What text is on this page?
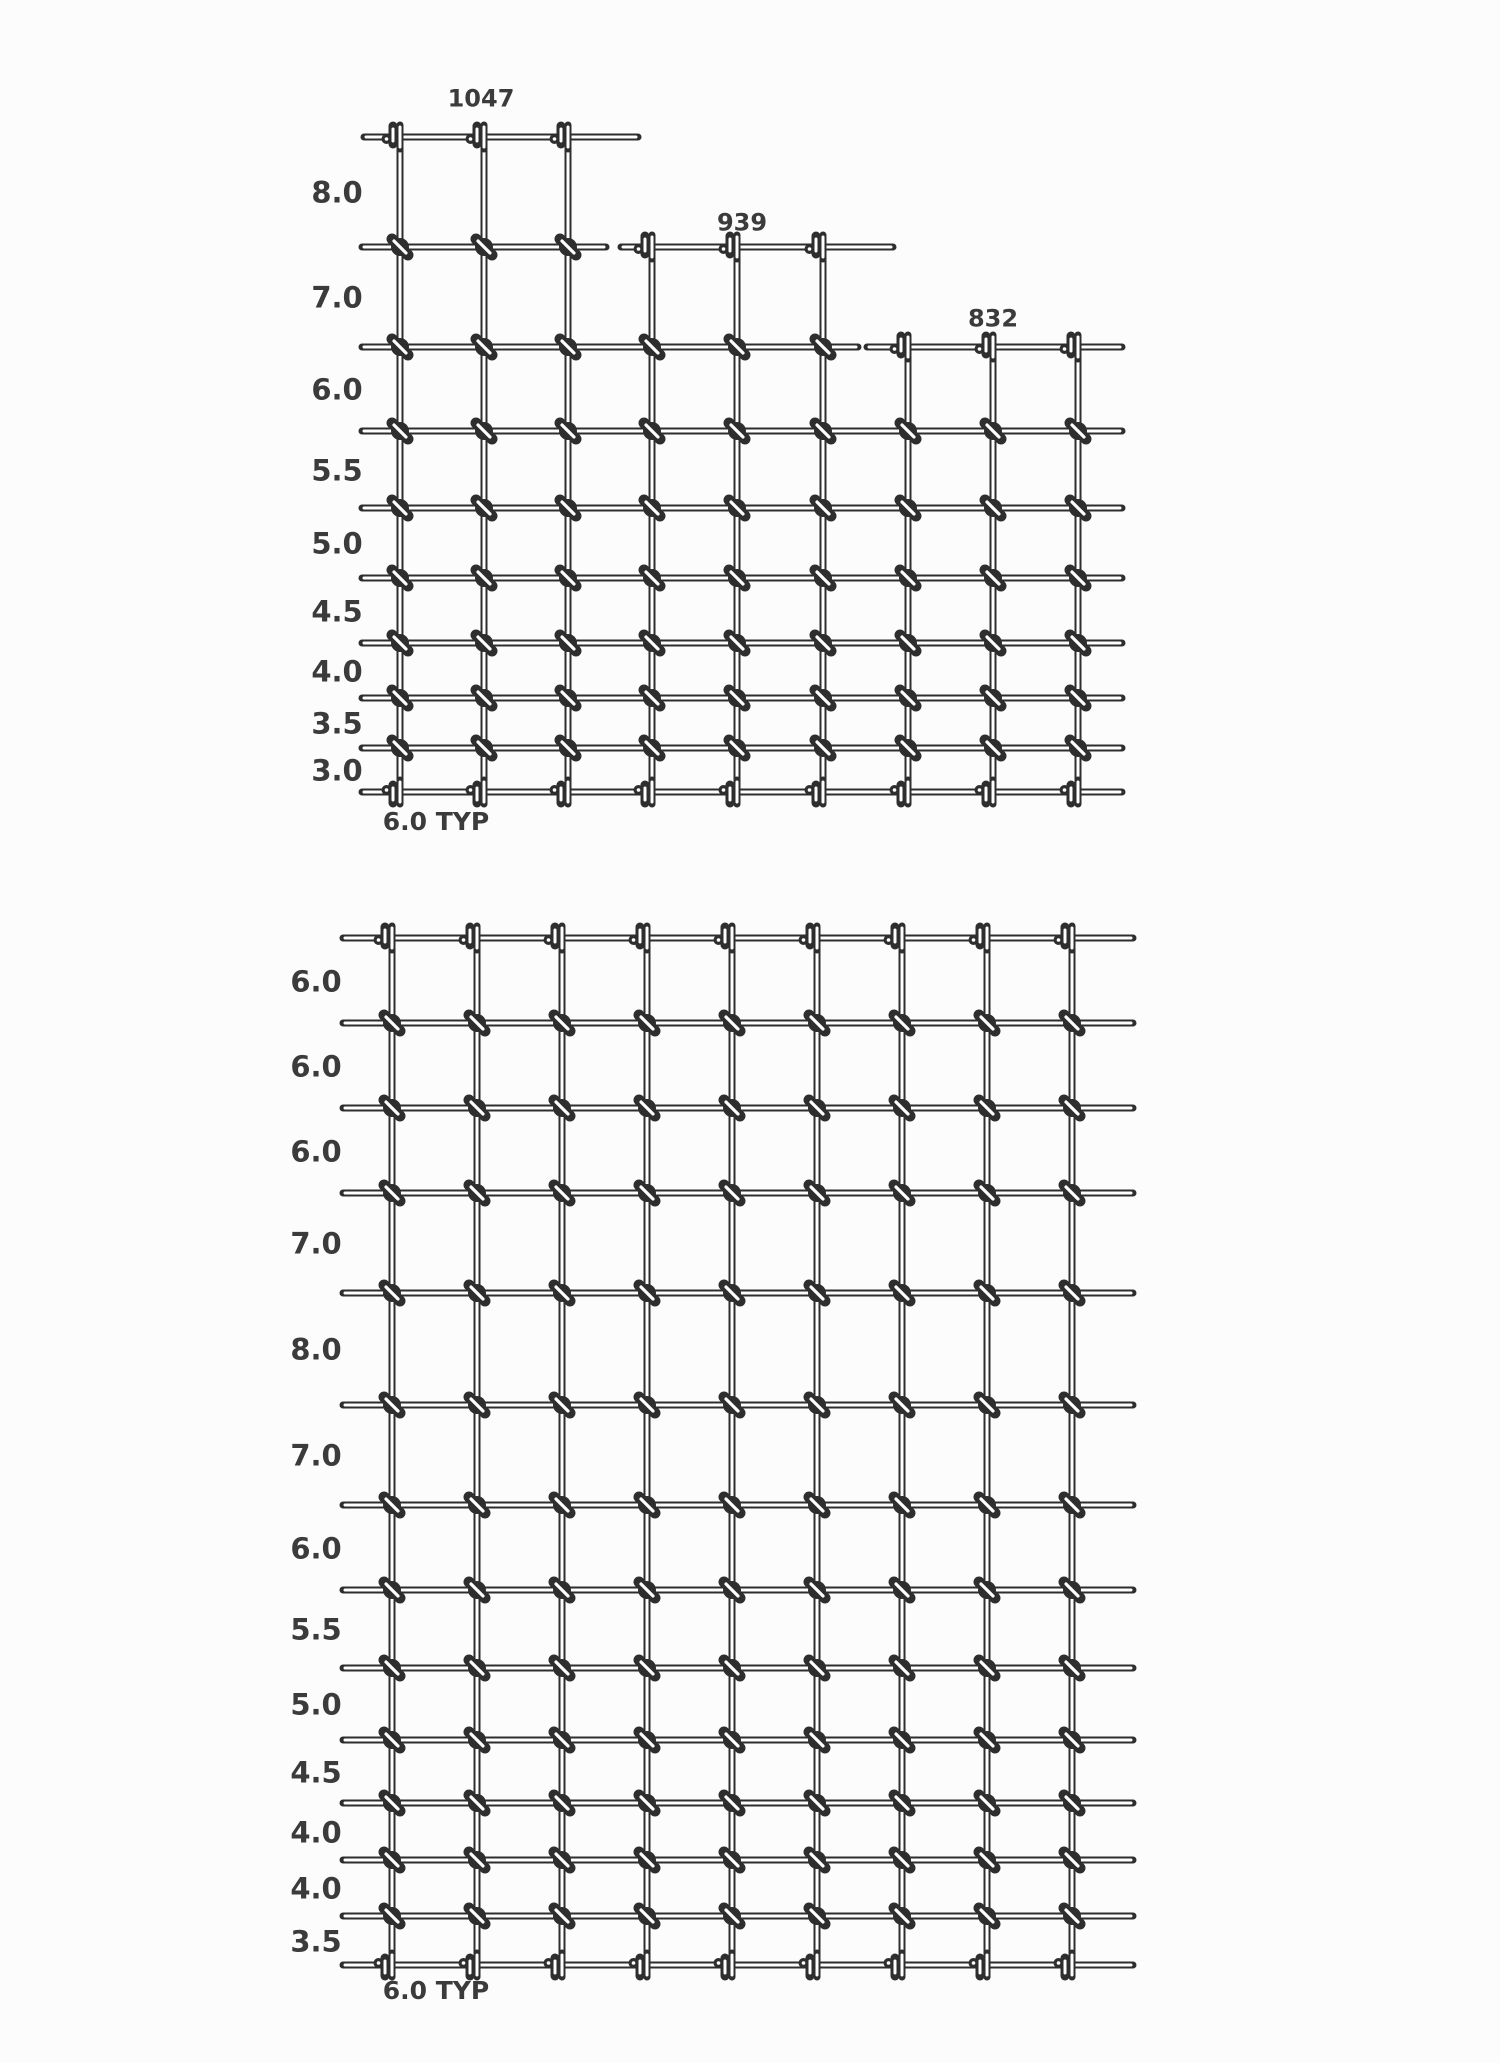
1047
939
832
8.0
7.0
6.0
5.5
5.0
4.5
4.0
3.5
3.0
6.0 TYP
6.0
6.0
6.0
7.0
8.0
7.0
6.0
5.5
5.0
4.5
4.0
4.0
3.5
6.0 TYP
